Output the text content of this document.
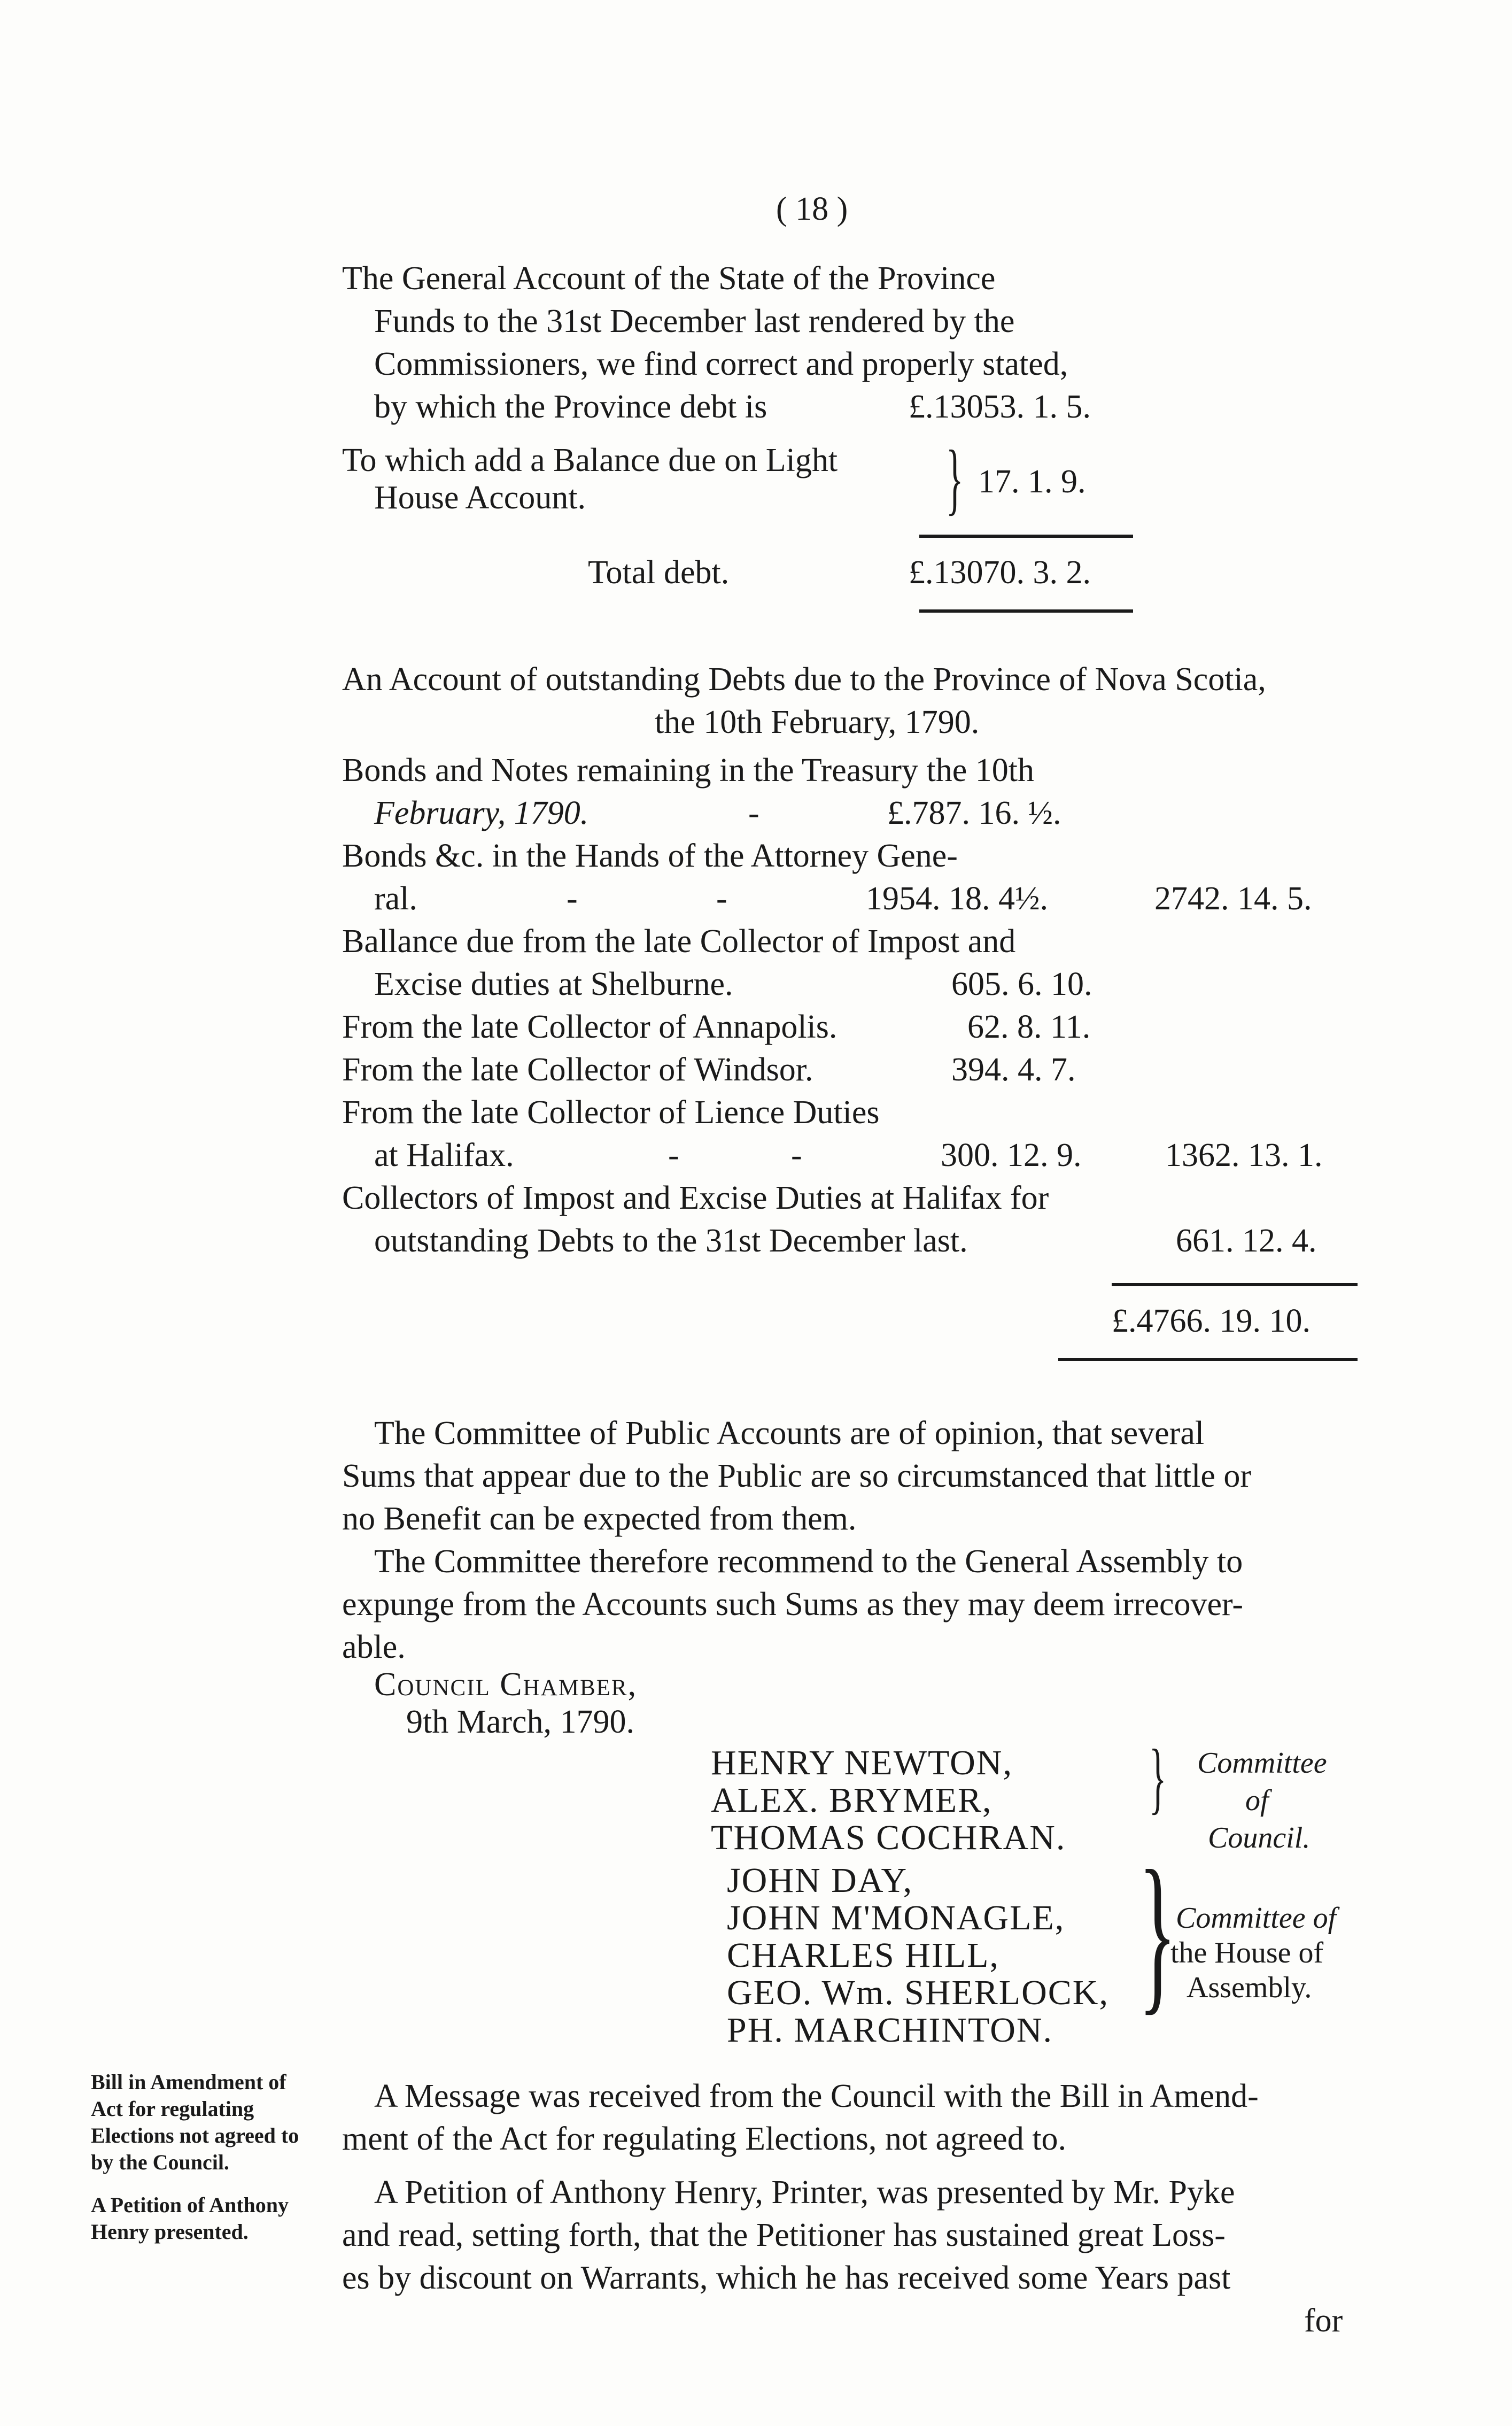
( 18 )
The General Account of the State of the Province
Funds to the 31st December last rendered by the
Commissioners, we find correct and properly stated,
by which the Province debt is	£.13053. 1. 5.
To which add a Balance due on Light
House Account.	} 17. 1. 9.
Total debt.	£.13070. 3. 2.
An Account of outstanding Debts due to the Province of Nova Scotia,
the 10th February, 1790.
Bonds and Notes remaining in the Treasury the 10th
February, 1790.	-	£.787. 16. ½.
Bonds &c. in the Hands of the Attorney Gene-
ral.	-	-	1954. 18. 4½.	2742. 14. 5.
Ballance due from the late Collector of Impost and
Excise duties at Shelburne.	605. 6. 10.
From the late Collector of Annapolis.	62. 8. 11.
From the late Collector of Windsor.	394. 4. 7.
From the late Collector of Lience Duties
at Halifax.	-	-	300. 12. 9.	1362. 13. 1.
Collectors of Impost and Excise Duties at Halifax for
outstanding Debts to the 31st December last.	661. 12. 4.
£.4766. 19. 10.
The Committee of Public Accounts are of opinion, that several
Sums that appear due to the Public are so circumstanced that little or
no Benefit can be expected from them.
The Committee therefore recommend to the General Assembly to
expunge from the Accounts such Sums as they may deem irrecover-
able.
Council Chamber,
9th March, 1790.
HENRY NEWTON,
ALEX. BRYMER,
THOMAS COCHRAN.
} Committee
of
Council.
JOHN DAY,
JOHN M'MONAGLE,
CHARLES HILL,
GEO. Wm. SHERLOCK,
PH. MARCHINTON.
}
Committee of
the House of
Assembly.
Bill in Amendment of Act for regulating Elections not agreed to by the Council.
A Petition of Anthony Henry presented.
A Message was received from the Council with the Bill in Amend-
ment of the Act for regulating Elections, not agreed to.
A Petition of Anthony Henry, Printer, was presented by Mr. Pyke
and read, setting forth, that the Petitioner has sustained great Loss-
es by discount on Warrants, which he has received some Years past
for
